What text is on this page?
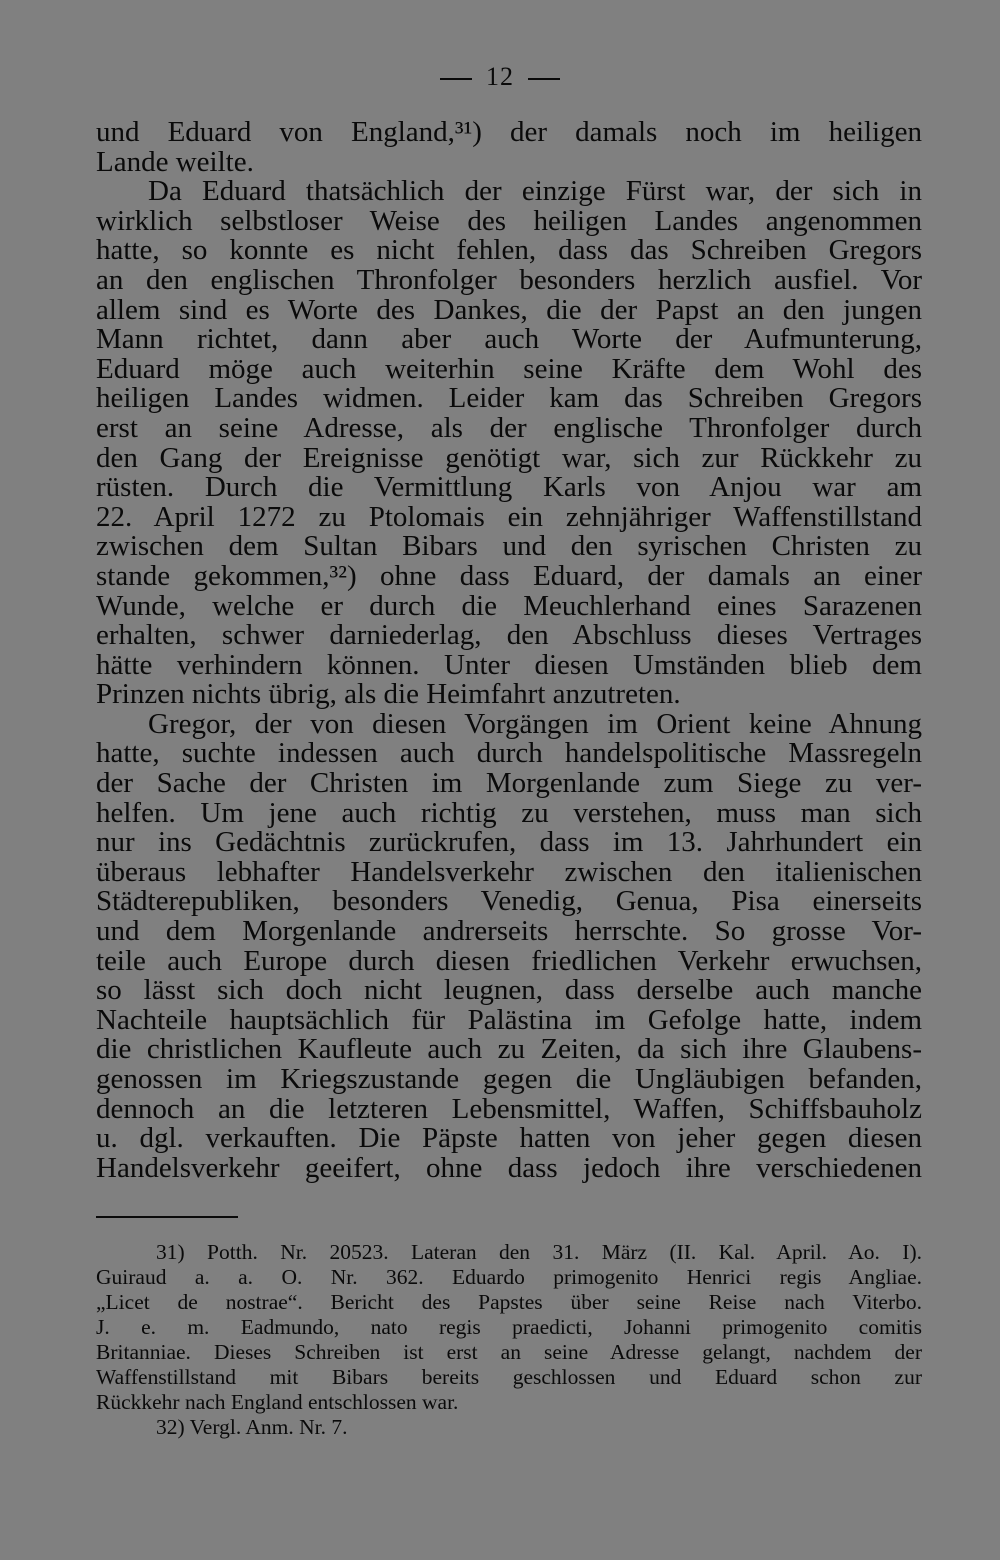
12
und Eduard von England,³¹) der damals noch im heiligen
Lande weilte.
Da Eduard thatsächlich der einzige Fürst war, der sich in
wirklich selbstloser Weise des heiligen Landes angenommen
hatte, so konnte es nicht fehlen, dass das Schreiben Gregors
an den englischen Thronfolger besonders herzlich ausfiel. Vor
allem sind es Worte des Dankes, die der Papst an den jungen
Mann richtet, dann aber auch Worte der Aufmunterung,
Eduard möge auch weiterhin seine Kräfte dem Wohl des
heiligen Landes widmen. Leider kam das Schreiben Gregors
erst an seine Adresse, als der englische Thronfolger durch
den Gang der Ereignisse genötigt war, sich zur Rückkehr zu
rüsten. Durch die Vermittlung Karls von Anjou war am
22. April 1272 zu Ptolomais ein zehnjähriger Waffenstillstand
zwischen dem Sultan Bibars und den syrischen Christen zu
stande gekommen,³²) ohne dass Eduard, der damals an einer
Wunde, welche er durch die Meuchlerhand eines Sarazenen
erhalten, schwer darniederlag, den Abschluss dieses Vertrages
hätte verhindern können. Unter diesen Umständen blieb dem
Prinzen nichts übrig, als die Heimfahrt anzutreten.
Gregor, der von diesen Vorgängen im Orient keine Ahnung
hatte, suchte indessen auch durch handelspolitische Massregeln
der Sache der Christen im Morgenlande zum Siege zu ver-
helfen. Um jene auch richtig zu verstehen, muss man sich
nur ins Gedächtnis zurückrufen, dass im 13. Jahrhundert ein
überaus lebhafter Handelsverkehr zwischen den italienischen
Städterepubliken, besonders Venedig, Genua, Pisa einerseits
und dem Morgenlande andrerseits herrschte. So grosse Vor-
teile auch Europe durch diesen friedlichen Verkehr erwuchsen,
so lässt sich doch nicht leugnen, dass derselbe auch manche
Nachteile hauptsächlich für Palästina im Gefolge hatte, indem
die christlichen Kaufleute auch zu Zeiten, da sich ihre Glaubens-
genossen im Kriegszustande gegen die Ungläubigen befanden,
dennoch an die letzteren Lebensmittel, Waffen, Schiffsbauholz
u. dgl. verkauften. Die Päpste hatten von jeher gegen diesen
Handelsverkehr geeifert, ohne dass jedoch ihre verschiedenen
31) Potth. Nr. 20523. Lateran den 31. März (II. Kal. April. Ao. I).
Guiraud a. a. O. Nr. 362. Eduardo primogenito Henrici regis Angliae.
„Licet de nostrae“. Bericht des Papstes über seine Reise nach Viterbo.
J. e. m. Eadmundo, nato regis praedicti, Johanni primogenito comitis
Britanniae. Dieses Schreiben ist erst an seine Adresse gelangt, nachdem der
Waffenstillstand mit Bibars bereits geschlossen und Eduard schon zur
Rückkehr nach England entschlossen war.
32) Vergl. Anm. Nr. 7.
